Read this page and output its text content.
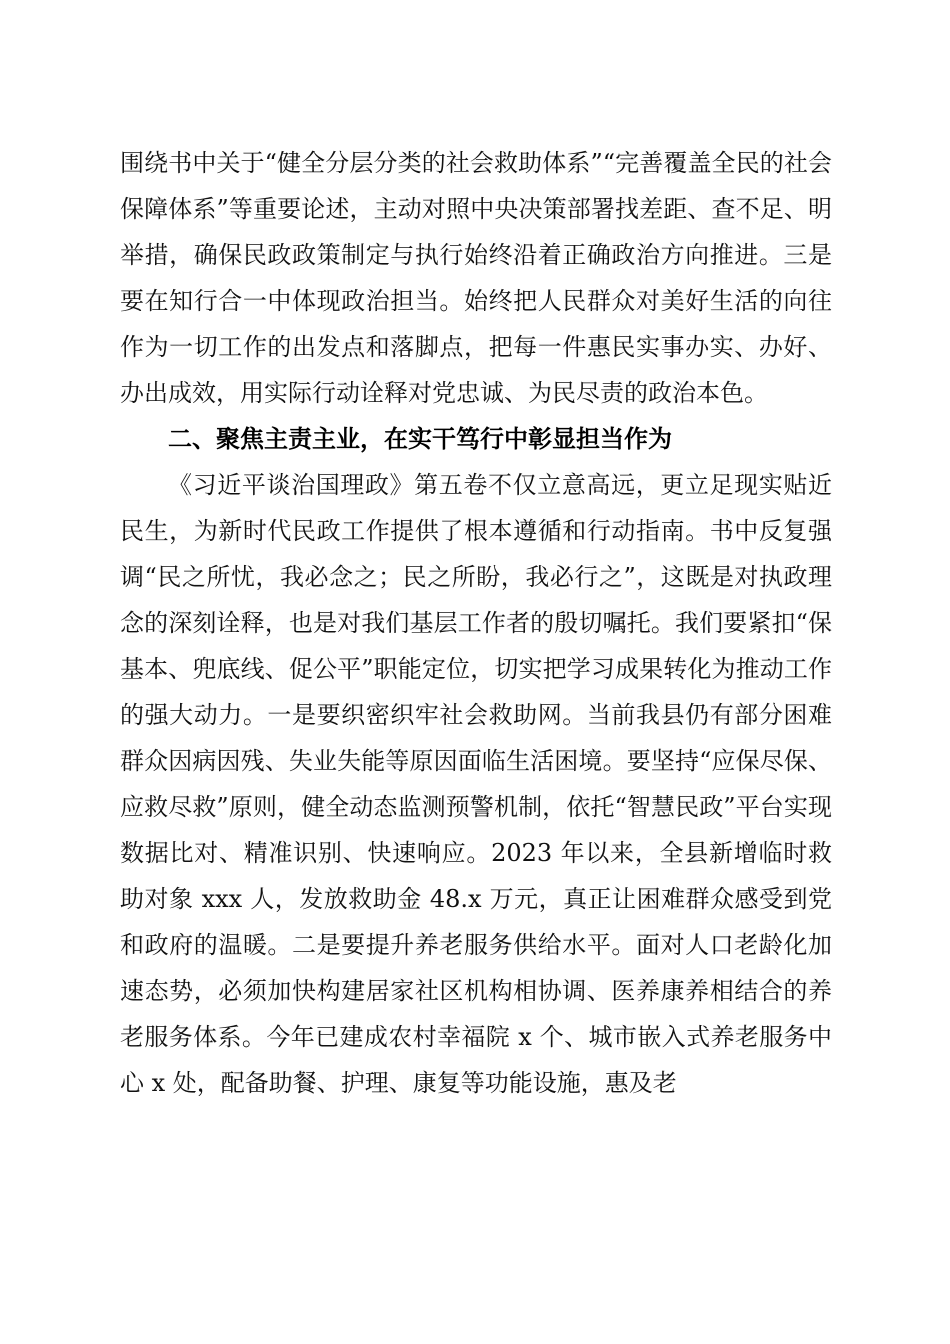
围绕书中关于“健全分层分类的社会救助体系”“完善覆盖全民的社会保障体系”等重要论述，主动对照中央决策部署找差距、查不足、明举措，确保民政政策制定与执行始终沿着正确政治方向推进。三是要在知行合一中体现政治担当。始终把人民群众对美好生活的向往作为一切工作的出发点和落脚点，把每一件惠民实事办实、办好、办出成效，用实际行动诠释对党忠诚、为民尽责的政治本色。

二、聚焦主责主业，在实干笃行中彰显担当作为

《习近平谈治国理政》第五卷不仅立意高远，更立足现实贴近民生，为新时代民政工作提供了根本遵循和行动指南。书中反复强调“民之所忧，我必念之；民之所盼，我必行之”，这既是对执政理念的深刻诠释，也是对我们基层工作者的殷切嘱托。我们要紧扣“保基本、兜底线、促公平”职能定位，切实把学习成果转化为推动工作的强大动力。一是要织密织牢社会救助网。当前我县仍有部分困难群众因病因残、失业失能等原因面临生活困境。要坚持“应保尽保、应救尽救”原则，健全动态监测预警机制，依托“智慧民政”平台实现数据比对、精准识别、快速响应。2023 年以来，全县新增临时救助对象 xxx 人，发放救助金 48.x 万元，真正让困难群众感受到党和政府的温暖。二是要提升养老服务供给水平。面对人口老龄化加速态势，必须加快构建居家社区机构相协调、医养康养相结合的养老服务体系。今年已建成农村幸福院 x 个、城市嵌入式养老服务中心 x 处，配备助餐、护理、康复等功能设施，惠及老
